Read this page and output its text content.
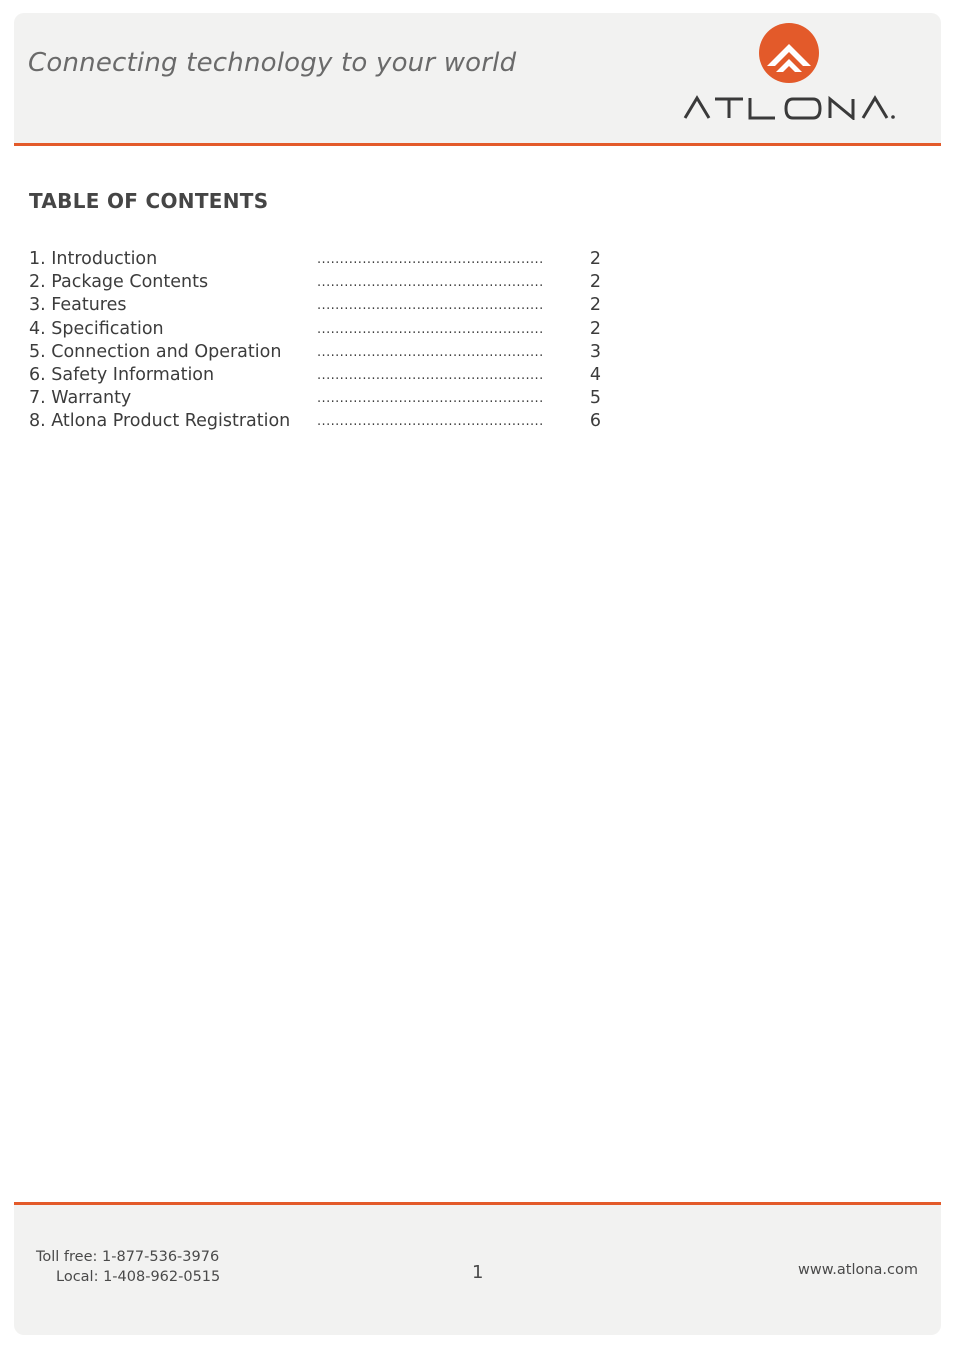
Connecting technology to your world
TABLE OF CONTENTS
1. Introduction	..................................................	2
2. Package Contents	..................................................	2
3. Features	..................................................	2
4. Specification	..................................................	2
5. Connection and Operation	..................................................	3
6. Safety Information	..................................................	4
7. Warranty	..................................................	5
8. Atlona Product Registration ..................................................	6
Toll free: 1-877-536-3976
Local: 1-408-962-0515	1	www.atlona.com
